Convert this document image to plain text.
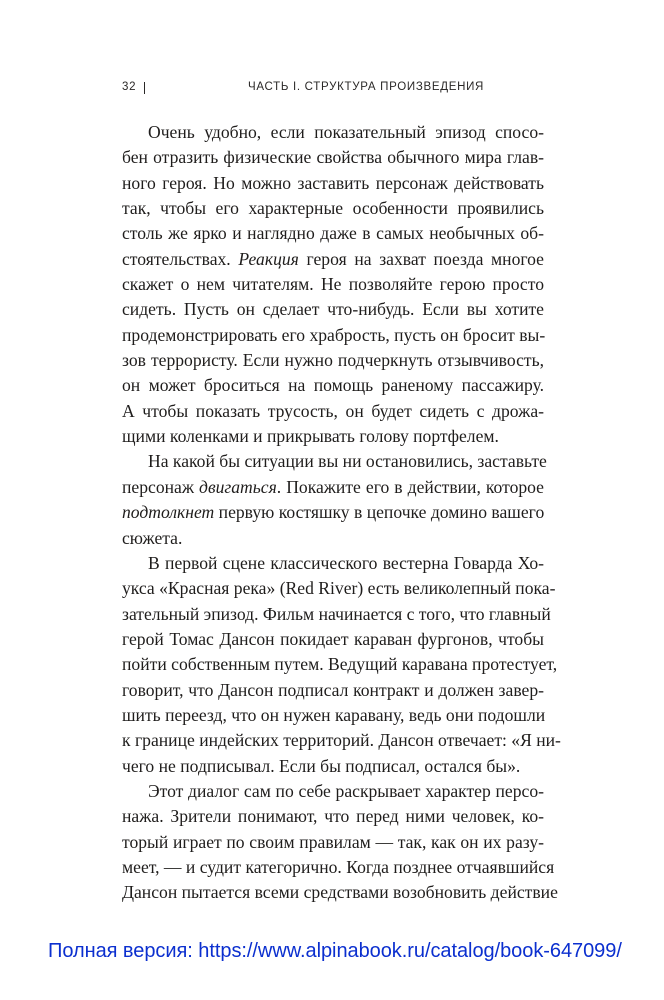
32	ЧАСТЬ I. СТРУКТУРА ПРОИЗВЕДЕНИЯ
Очень удобно, если показательный эпизод спосо-
бен отразить физические свойства обычного мира глав-
ного героя. Но можно заставить персонаж действовать
так, чтобы его характерные особенности проявились
столь же ярко и наглядно даже в самых необычных об-
стоятельствах. Реакция героя на захват поезда многое
скажет о нем читателям. Не позволяйте герою просто
сидеть. Пусть он сделает что-нибудь. Если вы хотите
продемонстрировать его храбрость, пусть он бросит вы-
зов террористу. Если нужно подчеркнуть отзывчивость,
он может броситься на помощь раненому пассажиру.
А чтобы показать трусость, он будет сидеть с дрожа-
щими коленками и прикрывать голову портфелем.
На какой бы ситуации вы ни остановились, заставьте
персонаж двигаться. Покажите его в действии, которое
подтолкнет первую костяшку в цепочке домино вашего
сюжета.
В первой сцене классического вестерна Говарда Хо-
укса «Красная река» (Red River) есть великолепный пока-
зательный эпизод. Фильм начинается с того, что главный
герой Томас Дансон покидает караван фургонов, чтобы
пойти собственным путем. Ведущий каравана протестует,
говорит, что Дансон подписал контракт и должен завер-
шить переезд, что он нужен каравану, ведь они подошли
к границе индейских территорий. Дансон отвечает: «Я ни-
чего не подписывал. Если бы подписал, остался бы».
Этот диалог сам по себе раскрывает характер персо-
нажа. Зрители понимают, что перед ними человек, ко-
торый играет по своим правилам — так, как он их разу-
меет, — и судит категорично. Когда позднее отчаявшийся
Дансон пытается всеми средствами возобновить действие
Полная версия: https://www.alpinabook.ru/catalog/book-647099/
